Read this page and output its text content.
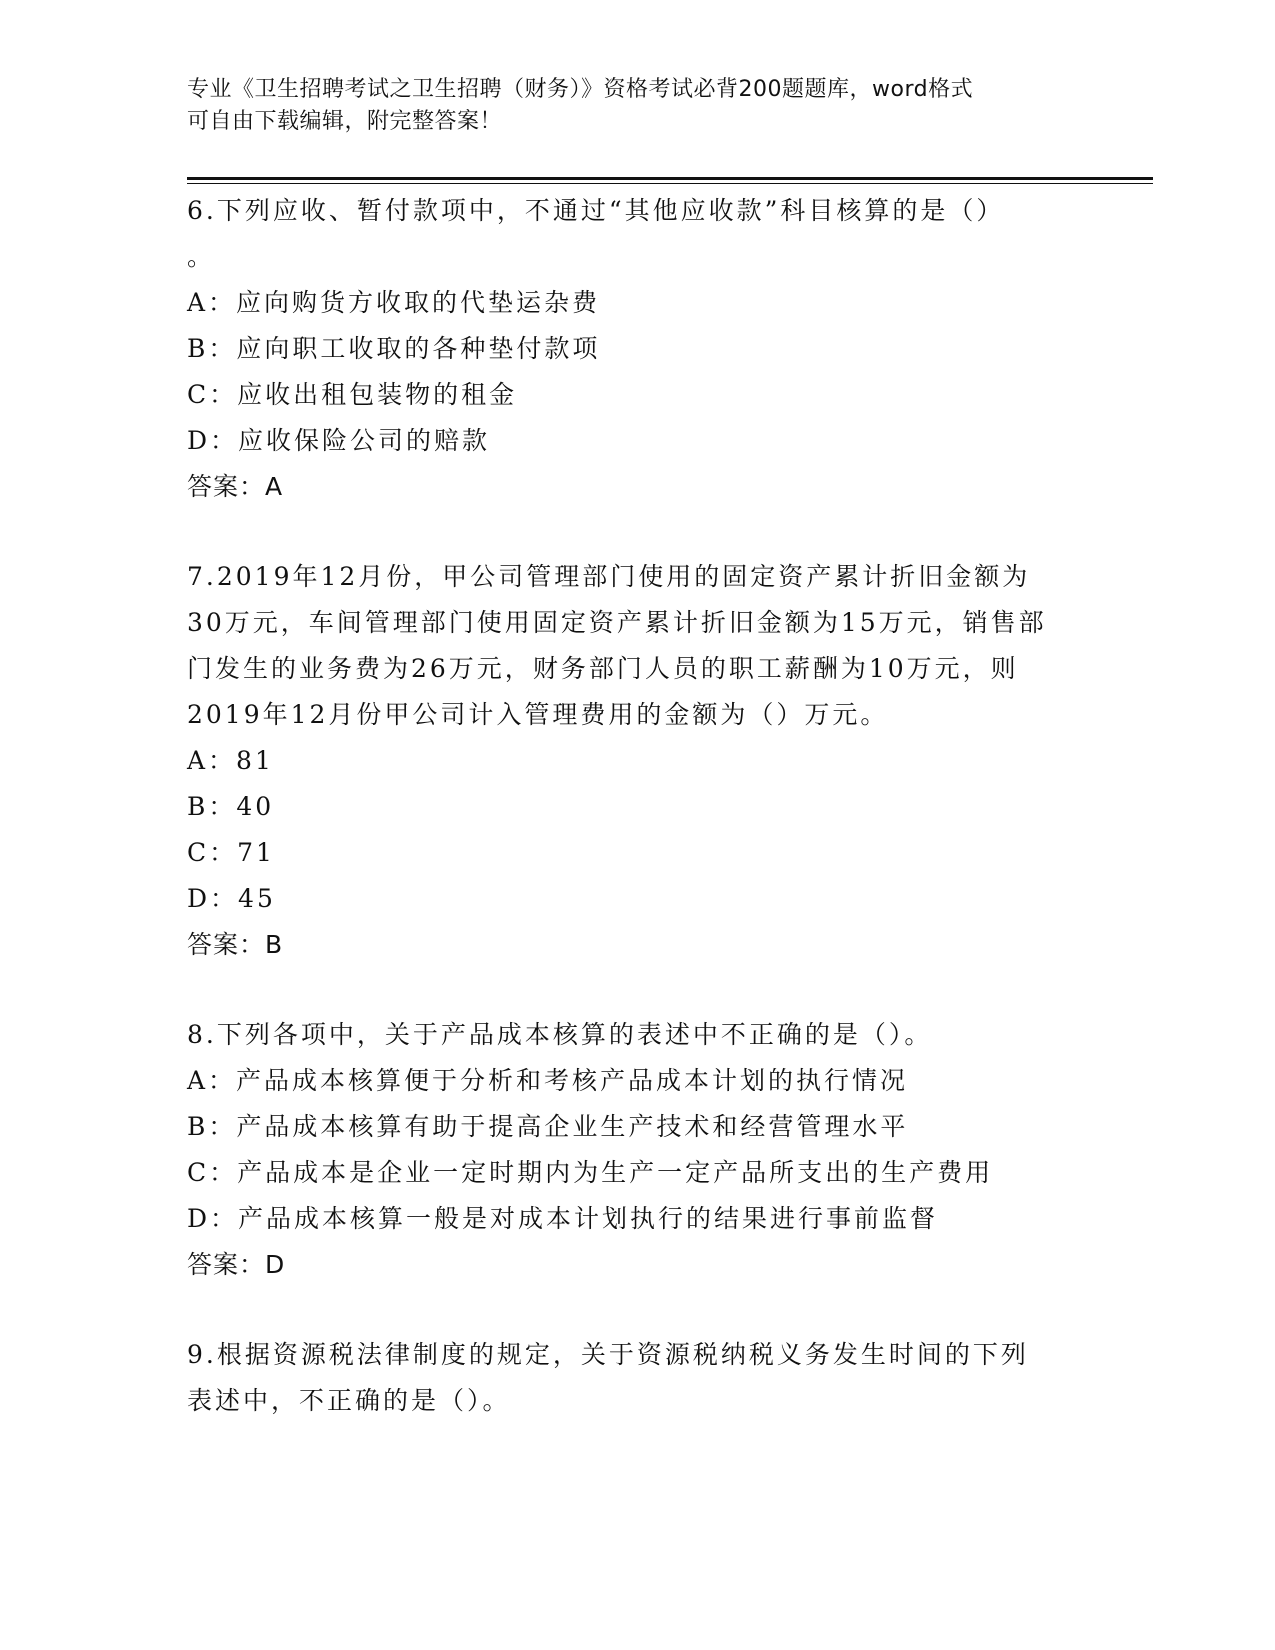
专业《卫生招聘考试之卫生招聘（财务）》资格考试必背200题题库，word格式
可自由下载编辑，附完整答案！
6.下列应收、暂付款项中，不通过“其他应收款”科目核算的是（）
。
A：应向购货方收取的代垫运杂费
B：应向职工收取的各种垫付款项
C：应收出租包装物的租金
D：应收保险公司的赔款
答案：A
7.2019年12月份，甲公司管理部门使用的固定资产累计折旧金额为
30万元，车间管理部门使用固定资产累计折旧金额为15万元，销售部
门发生的业务费为26万元，财务部门人员的职工薪酬为10万元，则
2019年12月份甲公司计入管理费用的金额为（）万元。
A：81
B：40
C：71
D：45
答案：B
8.下列各项中，关于产品成本核算的表述中不正确的是（）。
A：产品成本核算便于分析和考核产品成本计划的执行情况
B：产品成本核算有助于提高企业生产技术和经营管理水平
C：产品成本是企业一定时期内为生产一定产品所支出的生产费用
D：产品成本核算一般是对成本计划执行的结果进行事前监督
答案：D
9.根据资源税法律制度的规定，关于资源税纳税义务发生时间的下列
表述中，不正确的是（）。
